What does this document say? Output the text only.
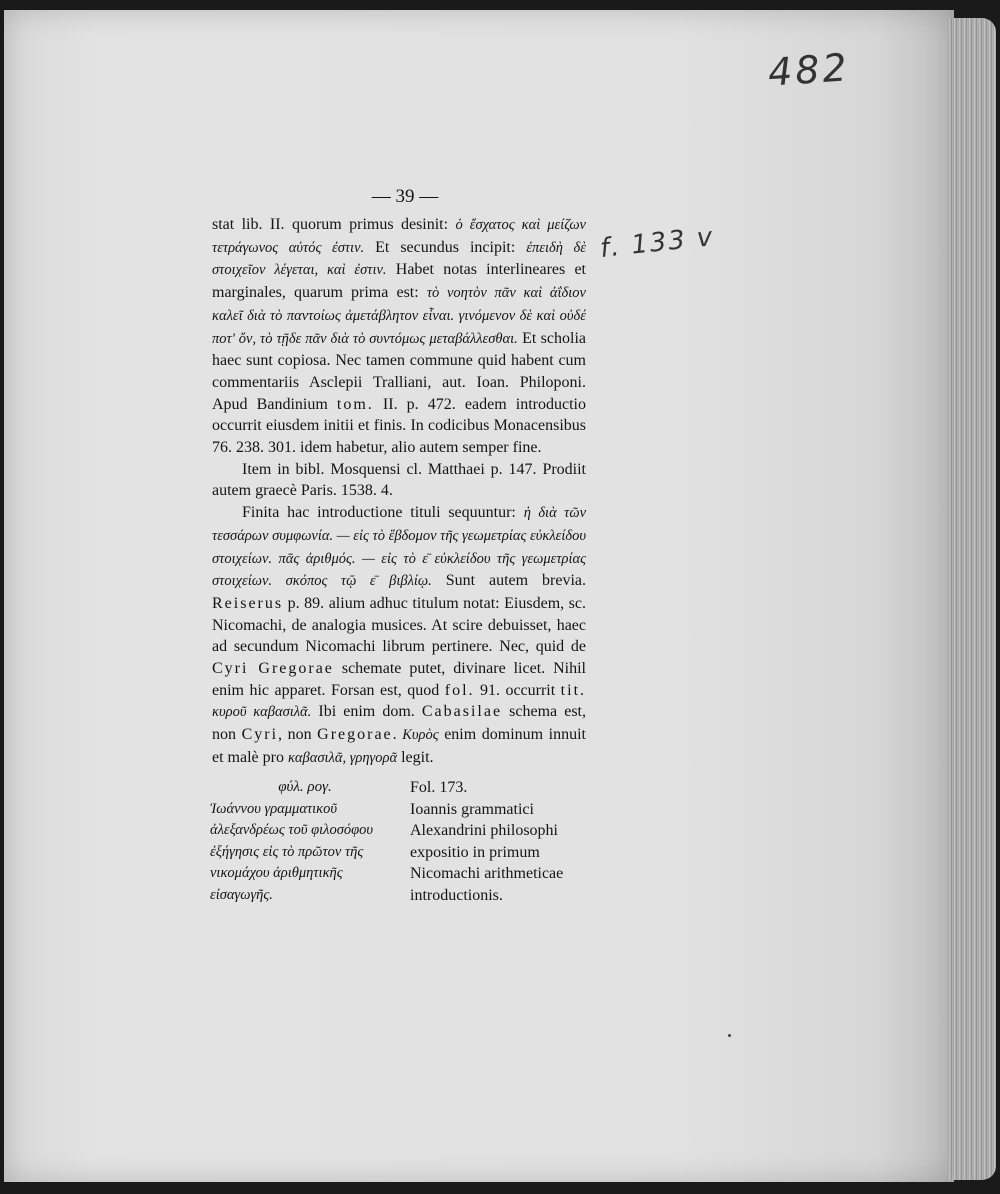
482
f. 133 v
— 39 —

stat lib. II. quorum primus desinit: ὁ ἔσχατος καὶ μείζων τετράγωνος αὐτός ἐστιν. Et secundus incipit: ἐπειδὴ δὲ στοιχεῖον λέγεται, καὶ ἐστιν. Habet notas interlineares et marginales, quarum prima est: τὸ νοητὸν πᾶν καὶ ἀΐδιον καλεῖ διὰ τὸ παντοίως ἀμετάβλητον εἶναι. γινόμενον δὲ καὶ οὐδέ ποτ' ὄν, τὸ τῇδε πᾶν διὰ τὸ συντόμως μεταβάλλεσθαι. Et scholia haec sunt copiosa. Nec tamen commune quid habent cum commentariis Asclepii Tralliani, aut. Ioan. Philoponi. Apud Bandinium tom. II. p. 472. eadem introductio occurrit eiusdem initii et finis. In codicibus Monacensibus 76. 238. 301. idem habetur, alio autem semper fine.

Item in bibl. Mosquensi cl. Matthaei p. 147. Prodiit autem graecè Paris. 1538. 4.

Finita hac introductione tituli sequuntur: ἡ διὰ τῶν τεσσάρων συμφωνία. — εἰς τὸ ἕβδομον τῆς γεωμετρίας εὐκλείδου στοιχείων. πᾶς ἀριθμός. — εἰς τὸ ε̄ εὐκλείδου τῆς γεωμετρίας στοιχείων. σκόπος τῷ ε̄ βιβλίῳ. Sunt autem brevia. Reiserus p. 89. alium adhuc titulum notat: Eiusdem, sc. Nicomachi, de analogia musices. At scire debuisset, haec ad secundum Nicomachi librum pertinere. Nec, quid de Cyri Gregorae schemate putet, divinare licet. Nihil enim hic apparet. Forsan est, quod fol. 91. occurrit tit. κυροῦ καβασιλᾶ. Ibi enim dom. Cabasilae schema est, non Cyri, non Gregorae. Κυρὸς enim dominum innuit et malè pro καβασιλᾶ, γρηγορᾶ legit.

φύλ. ρογ.
Ἰωάννου γραμματικοῦ ἀλεξανδρέως τοῦ φιλοσόφου ἐξήγησις εἰς τὸ πρῶτον τῆς νικομάχου ἀριθμητικῆς εἰσαγωγῆς.
Fol. 173.
Ioannis grammatici Alexandrini philosophi expositio in primum Nicomachi arithmeticae introductionis.
